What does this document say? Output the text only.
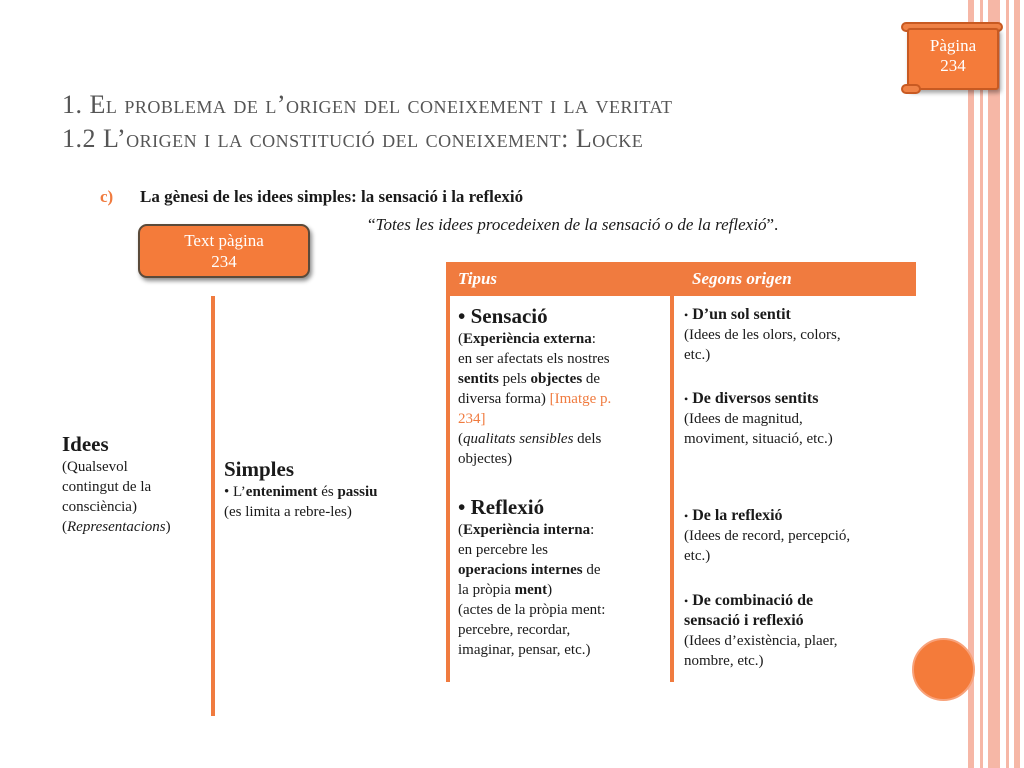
Pàgina
234
1. El problema de l’origen del coneixement i la veritat
1.2 L’origen i la constitució del coneixement: Locke
c) La gènesi de les idees simples: la sensació i la reflexió
“Totes les idees procedeixen de la sensació o de la reflexió”.
Text pàgina
234
Tipus	Segons origen
Idees
(Qualsevol
contingut de la
consciència)
(Representacions)
Simples
• L’enteniment és passiu
(es limita a rebre-les)
• Sensació
(Experiència externa:
en ser afectats els nostres
sentits pels objectes de
diversa forma) [Imatge p.
234]
(qualitats sensibles dels
objectes)
• Reflexió
(Experiència interna:
en percebre les
operacions internes de
la pròpia ment)
(actes de la pròpia ment:
percebre, recordar,
imaginar, pensar, etc.)
• D’un sol sentit
(Idees de les olors, colors,
etc.)
• De diversos sentits
(Idees de magnitud,
moviment, situació, etc.)
• De la reflexió
(Idees de record, percepció,
etc.)
• De combinació de
sensació i reflexió
(Idees d’existència, plaer,
nombre, etc.)
